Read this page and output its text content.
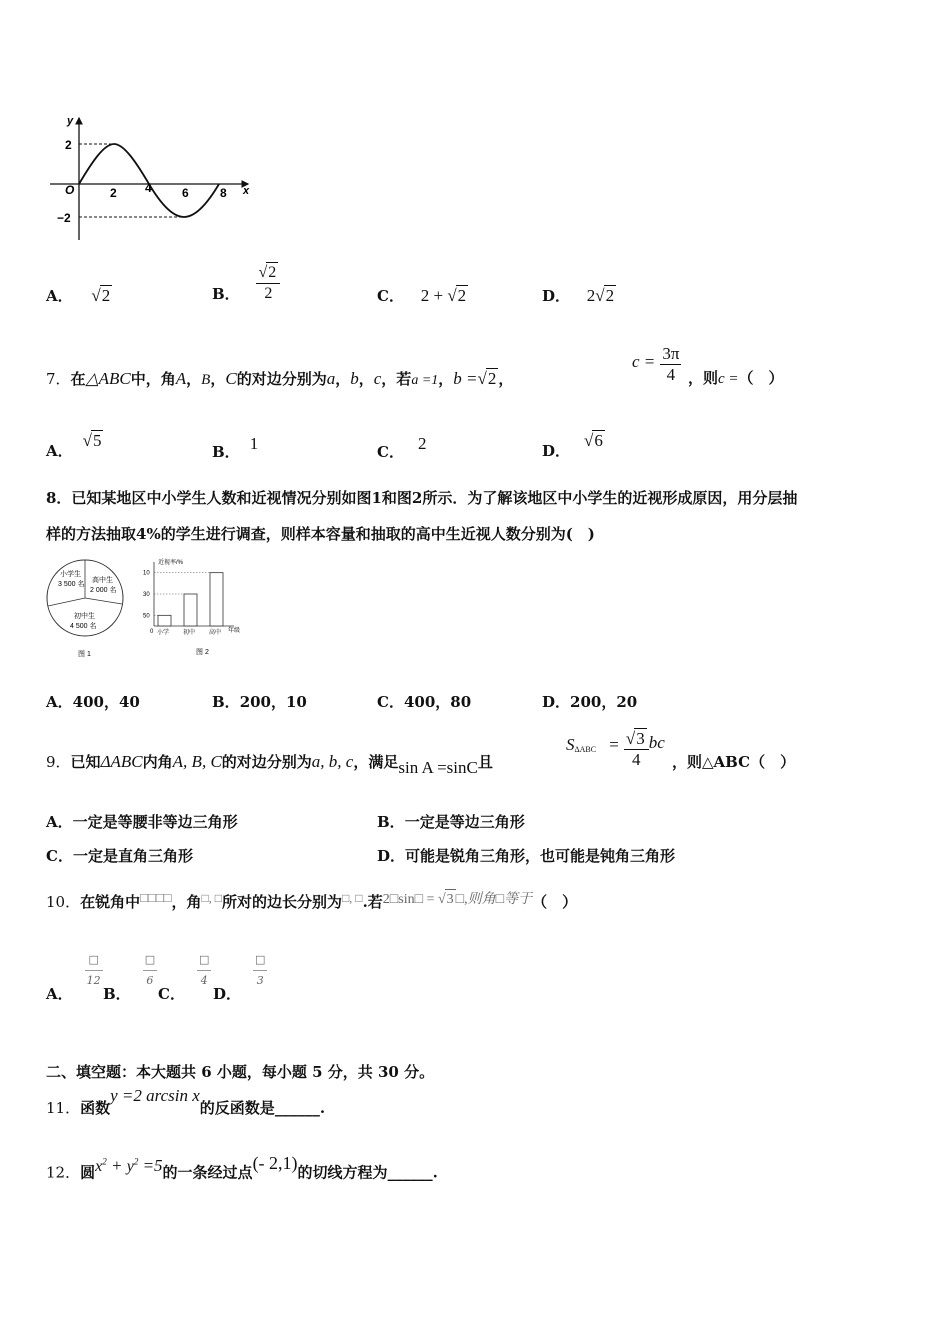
y
x
O	2 4	6	8
2
−2
A． √2	B． $\frac{√2}{2}$	C． 2 + √2	D． 2√2
7．在△ABC中，角A，B，C的对边分别为a，b，c，若a =1，b =√2 ，
$c = \frac{3\pi}{4}$ ，则c =（　）
A．√5
B． 1	C． 2	D．√6
8．已知某地区中小学生人数和近视情况分别如图1和图2所示．为了解该地区中小学生的近视形成原因，用分层抽
样的方法抽取4%的学生进行调查，则样本容量和抽取的高中生近视人数分别为(　)
小学生
3 500 名
高中生
2 000 名
初中生
4 500 名
图 1
近视率/%
0	年级
图 2
小学 初中 高中
10
30
50
A．400，40	B．200，10	C．400，80	D．200，20
9．已知ΔABC内角A, B, C的对边分别为a, b, c，满足sin A =sinC且
$S\Delta ABC = \frac{√3}{4}$ bc
，则△ABC（　）
A．一定是等腰非等边三角形	B．一定是等边三角形
C．一定是直角三角形	D．可能是锐角三角形，也可能是钝角三角形
10．在锐角中□□□□，角□, □所对的边长分别为□, □.若2□sin□ = √3 □,则角□等于（　）
A．
$\frac{□}{12}$
B．
$\frac{□}{6}$
C．
$\frac{□}{4}$
D．
$\frac{□}{3}$
二、填空题：本大题共 6 小题，每小题 5 分，共 30 分。
11．函数y =2 arcsin x的反函数是______.
12．圆$x^2 + y^2 =5$的一条经过点(- 2,1)的切线方程为______.
